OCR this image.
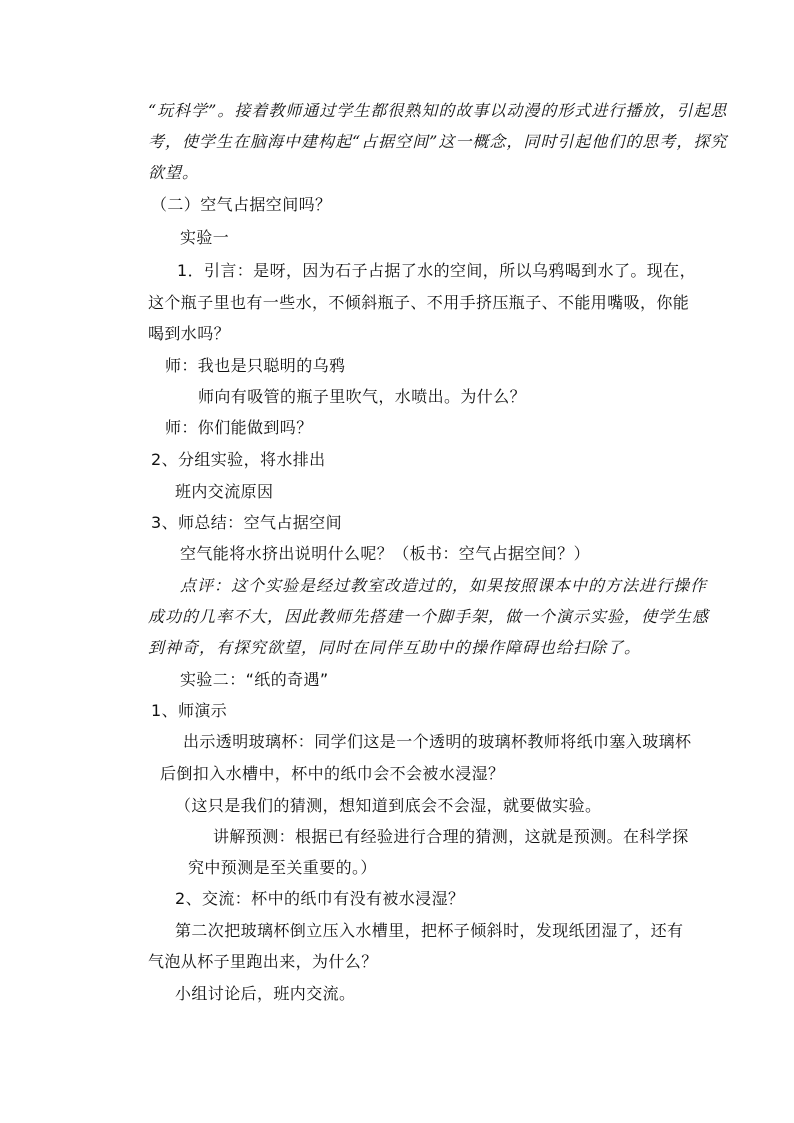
“玩科学”。接着教师通过学生都很熟知的故事以动漫的形式进行播放，引起思
考，使学生在脑海中建构起“占据空间”这一概念，同时引起他们的思考，探究
欲望。
（二）空气占据空间吗？
实验一
1．引言：是呀，因为石子占据了水的空间，所以乌鸦喝到水了。现在，
这个瓶子里也有一些水，不倾斜瓶子、不用手挤压瓶子、不能用嘴吸，你能
喝到水吗？
师：我也是只聪明的乌鸦
师向有吸管的瓶子里吹气，水喷出。为什么？
师：你们能做到吗？
2、分组实验，将水排出
班内交流原因
3、师总结：空气占据空间
空气能将水挤出说明什么呢？（板书：空气占据空间？）
点评：这个实验是经过教室改造过的，如果按照课本中的方法进行操作
成功的几率不大，因此教师先搭建一个脚手架，做一个演示实验，使学生感
到神奇，有探究欲望，同时在同伴互助中的操作障碍也给扫除了。
实验二：“纸的奇遇”
1、师演示
出示透明玻璃杯：同学们这是一个透明的玻璃杯教师将纸巾塞入玻璃杯
后倒扣入水槽中，杯中的纸巾会不会被水浸湿？
（这只是我们的猜测，想知道到底会不会湿，就要做实验。
讲解预测：根据已有经验进行合理的猜测，这就是预测。在科学探
究中预测是至关重要的。）
2、交流：杯中的纸巾有没有被水浸湿？
第二次把玻璃杯倒立压入水槽里，把杯子倾斜时，发现纸团湿了，还有
气泡从杯子里跑出来，为什么？
小组讨论后，班内交流。
